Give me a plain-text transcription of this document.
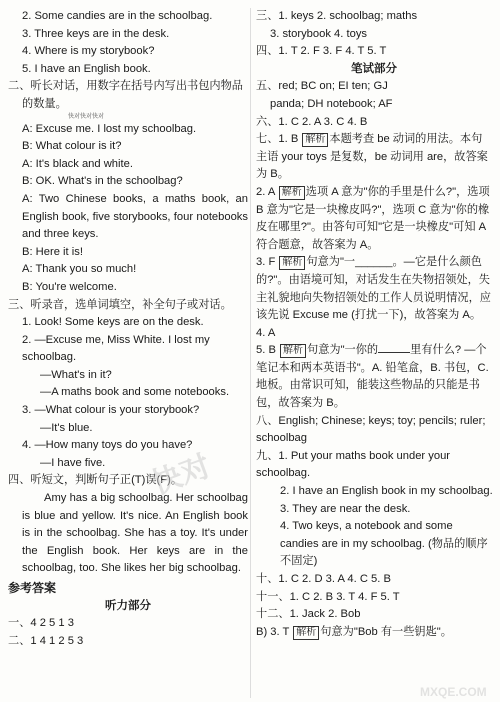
2. Some candies are in the schoolbag.
3. Three keys are in the desk.
4. Where is my storybook?
5. I have an English book.
二、听长对话，用数字在括号内写出书包内物品
的数量。
快对快对快对
A: Excuse me. I lost my schoolbag.
B: What colour is it?
A: It's black and white.
B: OK. What's in the schoolbag?
A: Two Chinese books, a maths book, an English book, five storybooks, four notebooks and three keys.
B: Here it is!
A: Thank you so much!
B: You're welcome.
三、听录音，选单词填空，补全句子或对话。
1. Look! Some keys are on the desk.
2. —Excuse me, Miss White. I lost my schoolbag.
—What's in it?
—A maths book and some notebooks.
3. —What colour is your storybook?
—It's blue.
4. —How many toys do you have?
—I have five.
四、听短文，判断句子正(T)误(F)。
Amy has a big schoolbag. Her schoolbag is blue and yellow. It's nice. An English book is in the schoolbag. She has a toy. It's under the English book. Her keys are in the schoolbag, too. She likes her big schoolbag.
参考答案
听力部分
一、4 2 5 1 3
二、1 4 1 2 5 3
三、1. keys 2. schoolbag; maths
3. storybook 4. toys
四、1. T 2. F 3. F 4. T 5. T
笔试部分
五、red; BC on; EI ten; GJ
panda; DH notebook; AF
六、1. C 2. A 3. C 4. B
七、1. B 解析 本题考查 be 动词的用法。本句主语 your toys 是复数，be 动词用 are，故答案为 B。
2. A 解析 选项 A 意为"你的手里是什么?"，选项 B 意为"它是一块橡皮吗?"，选项 C 意为"你的橡皮在哪里?"。由答句可知"它是一块橡皮"可知 A 符合题意，故答案为 A。
3. F 解析 句意为"一______。—它是什么颜色的?"。由语境可知，对话发生在失物招领处，失主礼貌地向失物招领处的工作人员说明情况，应该先说 Excuse me (打扰一下)，故答案为 A。
4. A
5. B 解析 句意为"一你的	里有什么? —个笔记本和两本英语书"。A. 铅笔盒，B. 书包，C. 地板。由常识可知，能装这些物品的只能是书包，故答案为 B。
八、English; Chinese; keys; toy; pencils; ruler; schoolbag
九、1. Put your maths book under your schoolbag.
2. I have an English book in my schoolbag.
3. They are near the desk.
4. Two keys, a notebook and some candies are in my schoolbag. (物品的顺序不固定)
十、1. C 2. D 3. A 4. C 5. B
十一、1. C 2. B 3. T 4. F 5. T
十二、1. Jack 2. Bob
B) 3. T 解析 句意为"Bob 有一些钥匙"。
快对
MXQE.COM
